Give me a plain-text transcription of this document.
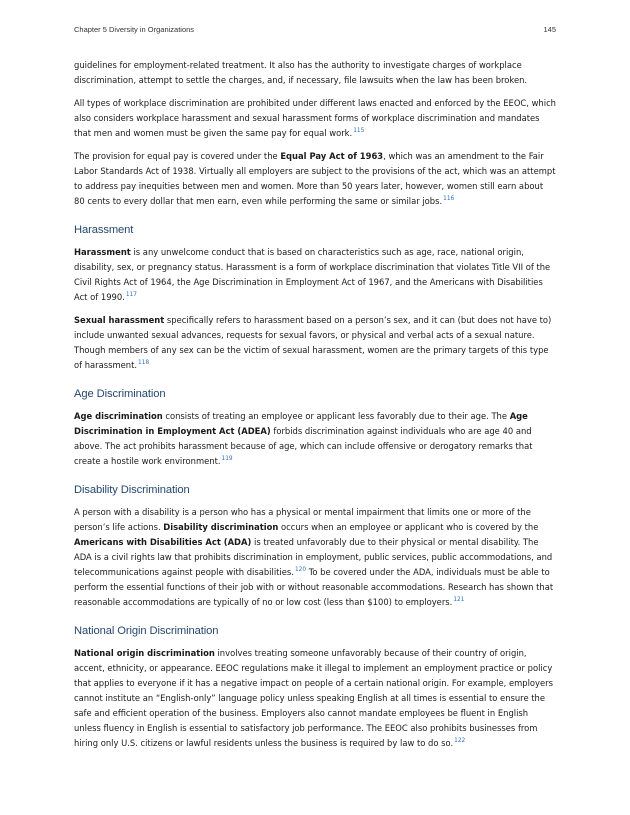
Chapter 5 Diversity in Organizations	145

guidelines for employment-related treatment. It also has the authority to investigate charges of workplace discrimination, attempt to settle the charges, and, if necessary, file lawsuits when the law has been broken.

All types of workplace discrimination are prohibited under different laws enacted and enforced by the EEOC, which also considers workplace harassment and sexual harassment forms of workplace discrimination and mandates that men and women must be given the same pay for equal work.$^{115}$

The provision for equal pay is covered under the Equal Pay Act of 1963, which was an amendment to the Fair Labor Standards Act of 1938. Virtually all employers are subject to the provisions of the act, which was an attempt to address pay inequities between men and women. More than 50 years later, however, women still earn about 80 cents to every dollar that men earn, even while performing the same or similar jobs.$^{116}$

Harassment

Harassment is any unwelcome conduct that is based on characteristics such as age, race, national origin, disability, sex, or pregnancy status. Harassment is a form of workplace discrimination that violates Title VII of the Civil Rights Act of 1964, the Age Discrimination in Employment Act of 1967, and the Americans with Disabilities Act of 1990.$^{117}$

Sexual harassment specifically refers to harassment based on a person’s sex, and it can (but does not have to) include unwanted sexual advances, requests for sexual favors, or physical and verbal acts of a sexual nature. Though members of any sex can be the victim of sexual harassment, women are the primary targets of this type of harassment.$^{118}$

Age Discrimination

Age discrimination consists of treating an employee or applicant less favorably due to their age. The Age Discrimination in Employment Act (ADEA) forbids discrimination against individuals who are age 40 and above. The act prohibits harassment because of age, which can include offensive or derogatory remarks that create a hostile work environment.$^{119}$

Disability Discrimination

A person with a disability is a person who has a physical or mental impairment that limits one or more of the person’s life actions. Disability discrimination occurs when an employee or applicant who is covered by the Americans with Disabilities Act (ADA) is treated unfavorably due to their physical or mental disability. The ADA is a civil rights law that prohibits discrimination in employment, public services, public accommodations, and telecommunications against people with disabilities.$^{120}$ To be covered under the ADA, individuals must be able to perform the essential functions of their job with or without reasonable accommodations. Research has shown that reasonable accommodations are typically of no or low cost (less than $100) to employers.$^{121}$

National Origin Discrimination

National origin discrimination involves treating someone unfavorably because of their country of origin, accent, ethnicity, or appearance. EEOC regulations make it illegal to implement an employment practice or policy that applies to everyone if it has a negative impact on people of a certain national origin. For example, employers cannot institute an “English-only” language policy unless speaking English at all times is essential to ensure the safe and efficient operation of the business. Employers also cannot mandate employees be fluent in English unless fluency in English is essential to satisfactory job performance. The EEOC also prohibits businesses from hiring only U.S. citizens or lawful residents unless the business is required by law to do so.$^{122}$
